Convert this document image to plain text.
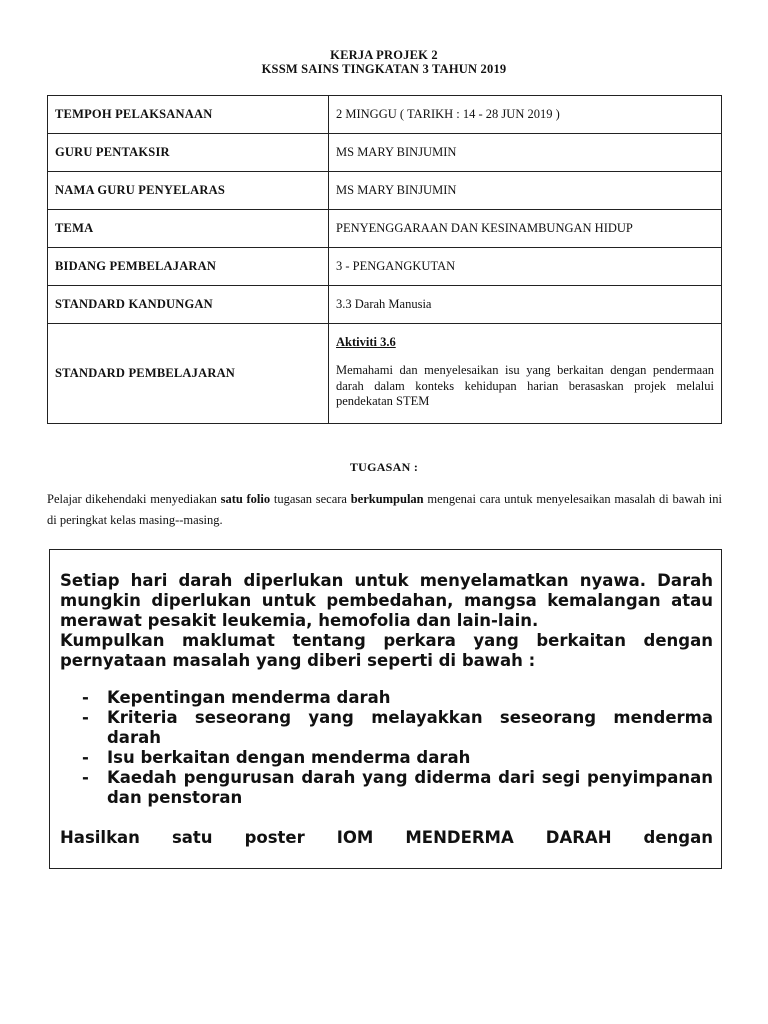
KERJA PROJEK 2
KSSM SAINS TINGKATAN 3 TAHUN 2019
TEMPOH PELAKSANAAN	2 MINGGU ( TARIKH : 14 - 28 JUN 2019 )
GURU PENTAKSIR	MS MARY BINJUMIN
NAMA GURU PENYELARAS	MS MARY BINJUMIN
TEMA	PENYENGGARAAN DAN KESINAMBUNGAN HIDUP
BIDANG PEMBELAJARAN	3 - PENGANGKUTAN
STANDARD KANDUNGAN	3.3 Darah Manusia
STANDARD PEMBELAJARAN	Aktiviti 3.6
Memahami dan menyelesaikan isu yang berkaitan dengan pendermaan darah dalam konteks kehidupan harian berasaskan projek melalui pendekatan STEM
TUGASAN :
Pelajar dikehendaki menyediakan satu folio tugasan secara berkumpulan mengenai cara untuk menyelesaikan masalah di bawah ini di peringkat kelas masing--masing.

Setiap hari darah diperlukan untuk menyelamatkan nyawa. Darah mungkin diperlukan untuk pembedahan, mangsa kemalangan atau merawat pesakit leukemia, hemofolia dan lain-lain.

Kumpulkan maklumat tentang perkara yang berkaitan dengan pernyataan masalah yang diberi seperti di bawah :

- Kepentingan menderma darah
- Kriteria seseorang yang melayakkan seseorang menderma darah
- Isu berkaitan dengan menderma darah
- Kaedah pengurusan darah yang diderma dari segi penyimpanan dan penstoran
Hasilkan satu poster IOM MENDERMA DARAH dengan
